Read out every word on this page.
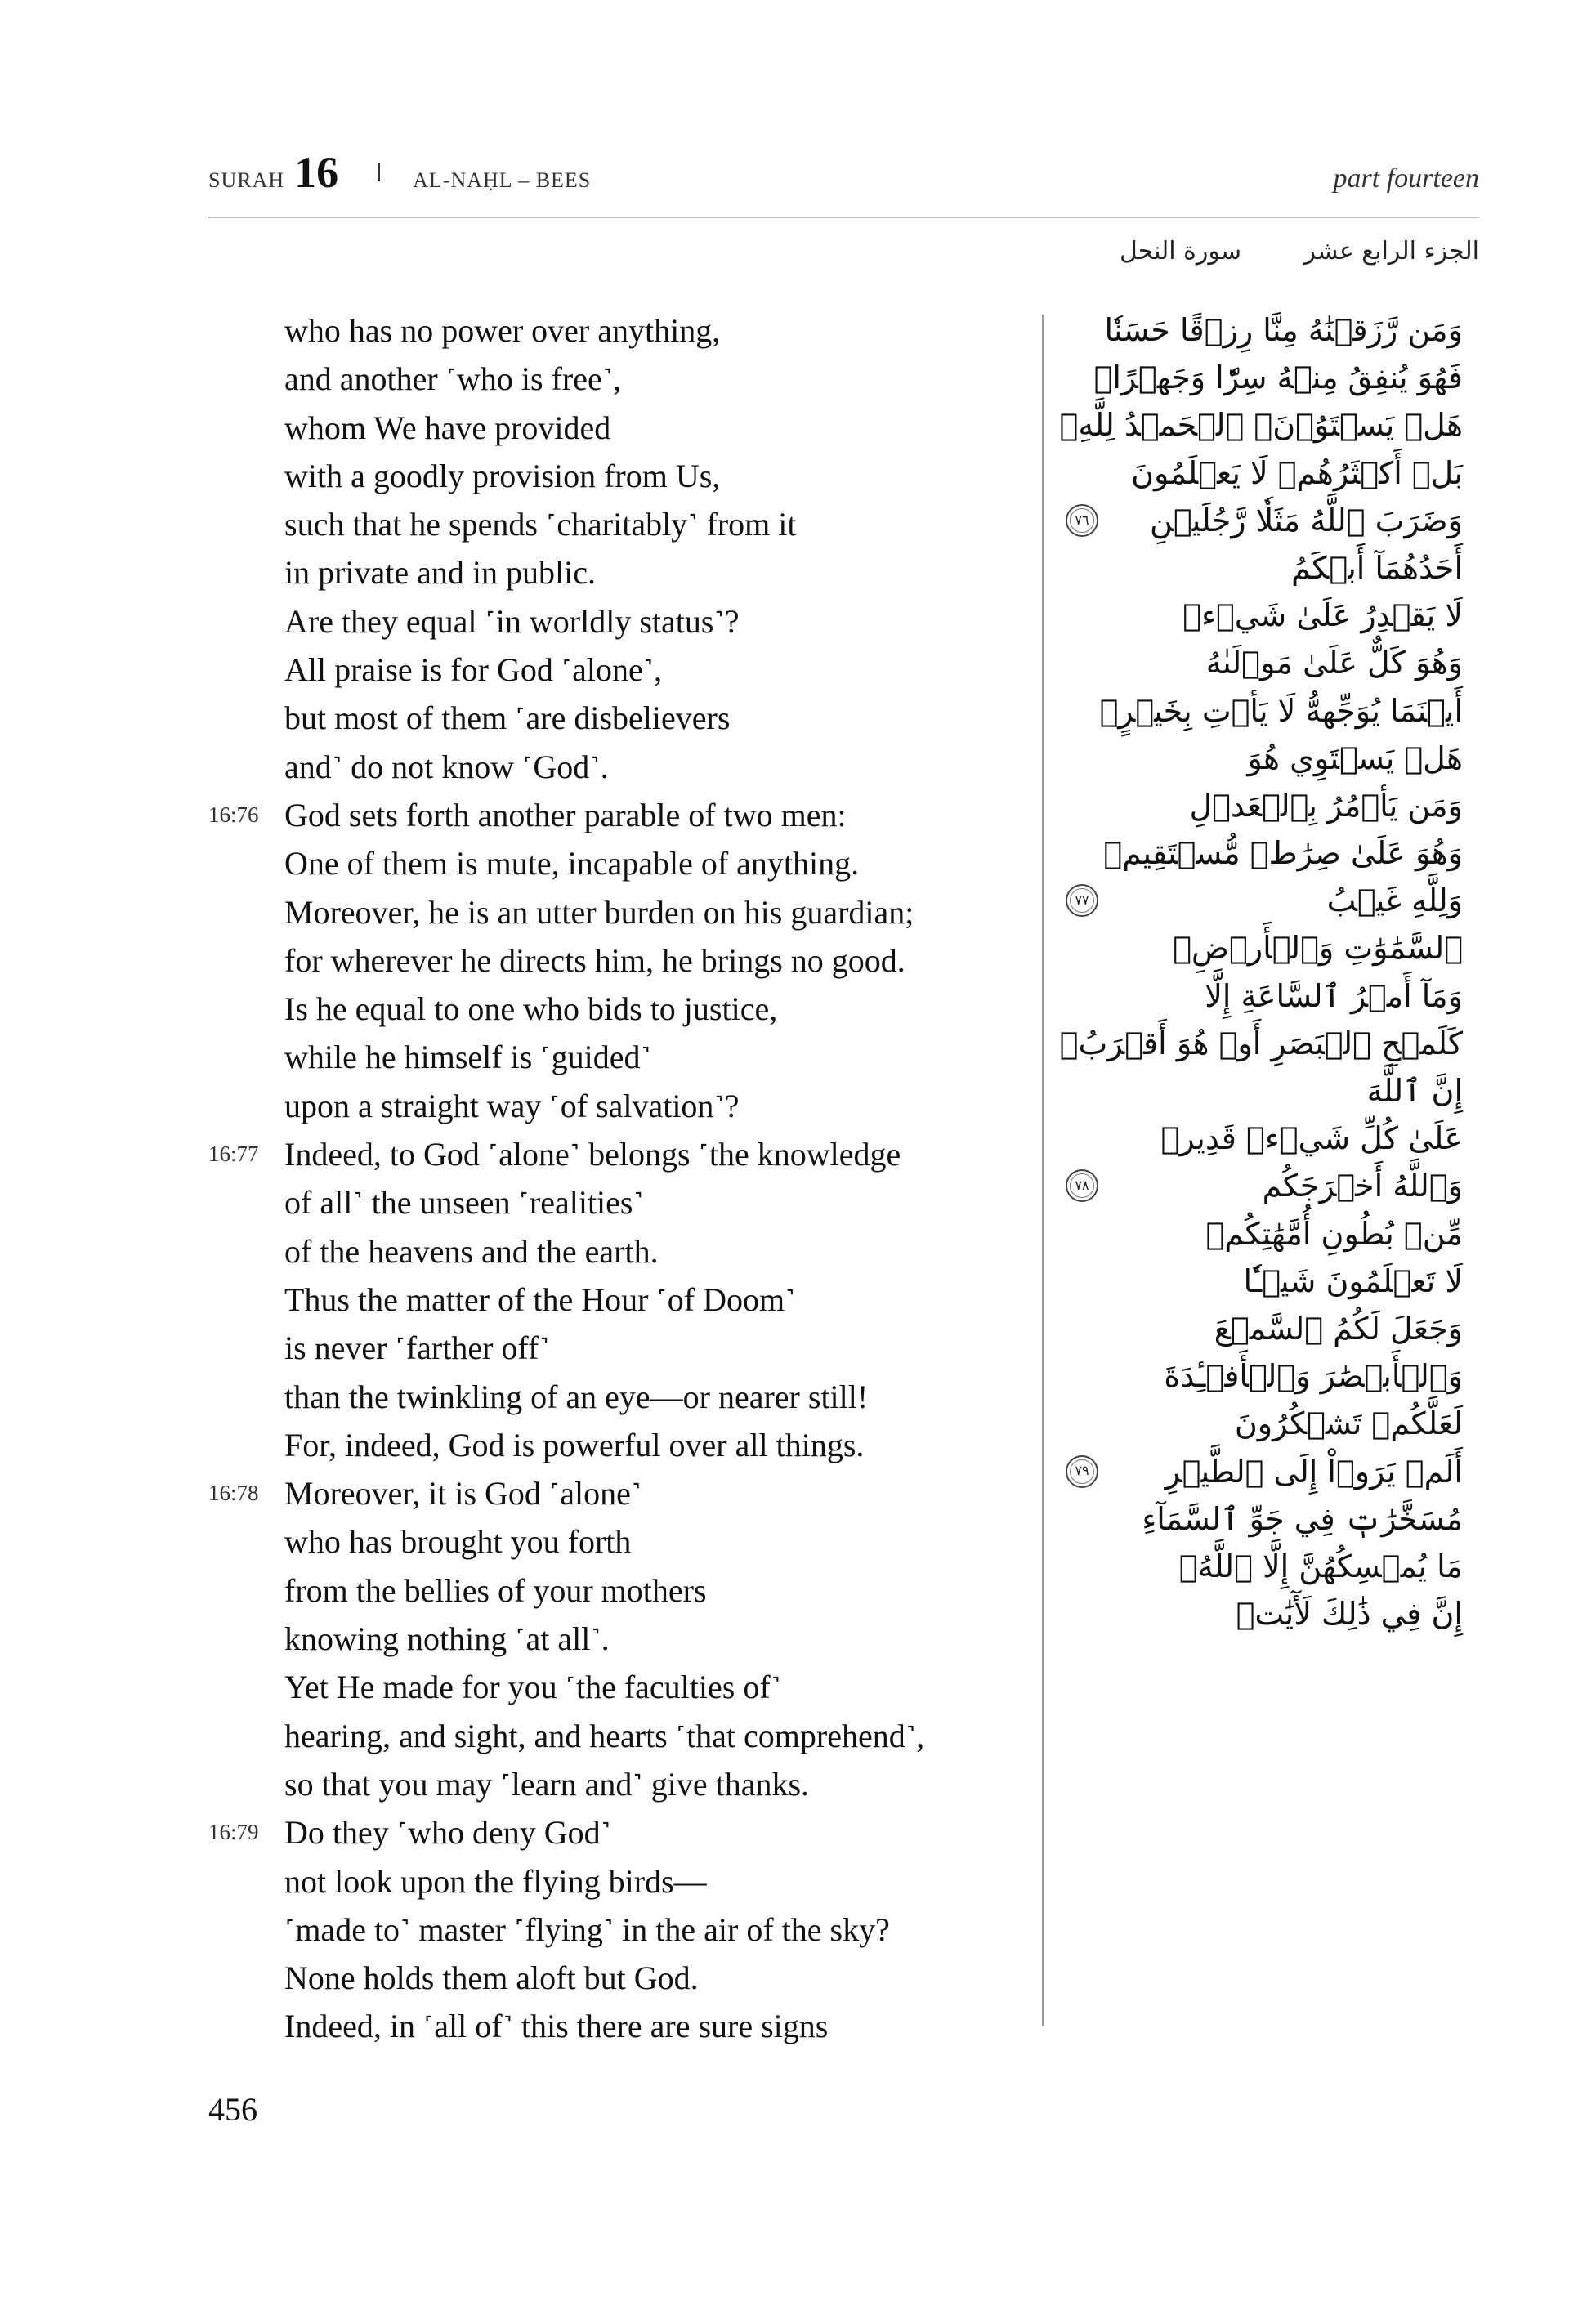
SURAH 16	AL-NAḤL – BEES	part fourteen
الجزء الرابع عشر
سورة النحل
who has no power over anything,
and another ˹who is free˺,
whom We have provided
with a goodly provision from Us,
such that he spends ˹charitably˺ from it
in private and in public.
Are they equal ˹in worldly status˺?
All praise is for God ˹alone˺,
but most of them ˹are disbelievers
and˺ do not know ˹God˺.
16:76 God sets forth another parable of two men:
One of them is mute, incapable of anything.
Moreover, he is an utter burden on his guardian;
for wherever he directs him, he brings no good.
Is he equal to one who bids to justice,
while he himself is ˹guided˺
upon a straight way ˹of salvation˺?
16:77 Indeed, to God ˹alone˺ belongs ˹the knowledge
of all˺ the unseen ˹realities˺
of the heavens and the earth.
Thus the matter of the Hour ˹of Doom˺
is never ˹farther off˺
than the twinkling of an eye—or nearer still!
For, indeed, God is powerful over all things.
16:78 Moreover, it is God ˹alone˺
who has brought you forth
from the bellies of your mothers
knowing nothing ˹at all˺.
Yet He made for you ˹the faculties of˺
hearing, and sight, and hearts ˹that comprehend˺,
so that you may ˹learn and˺ give thanks.
16:79 Do they ˹who deny God˺
not look upon the flying birds—
˹made to˺ master ˹flying˺ in the air of the sky?
None holds them aloft but God.
Indeed, in ˹all of˺ this there are sure signs
وَمَن رَّزَقۡنَٰهُ مِنَّا رِزۡقًا حَسَنٗا
فَهُوَ يُنفِقُ مِنۡهُ سِرّٗا وَجَهۡرًاۖ
هَلۡ يَسۡتَوُۥنَۚ ٱلۡحَمۡدُ لِلَّهِۚ
بَلۡ أَكۡثَرُهُمۡ لَا يَعۡلَمُونَ
٧٦	وَضَرَبَ ٱللَّهُ مَثَلٗا رَّجُلَيۡنِ
أَحَدُهُمَآ أَبۡكَمُ
لَا يَقۡدِرُ عَلَىٰ شَيۡءٖ
وَهُوَ كَلٌّ عَلَىٰ مَوۡلَىٰهُ
أَيۡنَمَا يُوَجِّههُّ لَا يَأۡتِ بِخَيۡرٍۖ
هَلۡ يَسۡتَوِي هُوَ
وَمَن يَأۡمُرُ بِٱلۡعَدۡلِ
وَهُوَ عَلَىٰ صِرَٰطٖ مُّسۡتَقِيمٖ
٧٧	وَلِلَّهِ غَيۡبُ
ٱلسَّمَٰوَٰتِ وَٱلۡأَرۡضِۚ
وَمَآ أَمۡرُ ٱلسَّاعَةِ إِلَّا
كَلَمۡحِ ٱلۡبَصَرِ أَوۡ هُوَ أَقۡرَبُۚ
إِنَّ ٱللَّهَ
عَلَىٰ كُلِّ شَيۡءٖ قَدِيرٞ
٧٨	وَٱللَّهُ أَخۡرَجَكُم
مِّنۢ بُطُونِ أُمَّهَٰتِكُمۡ
لَا تَعۡلَمُونَ شَيۡـٔٗا
وَجَعَلَ لَكُمُ ٱلسَّمۡعَ
وَٱلۡأَبۡصَٰرَ وَٱلۡأَفۡـِٔدَةَ
لَعَلَّكُمۡ تَشۡكُرُونَ
٧٩	أَلَمۡ يَرَوۡاْ إِلَى ٱلطَّيۡرِ
مُسَخَّرَٰتٖ فِي جَوِّ ٱلسَّمَآءِ
مَا يُمۡسِكُهُنَّ إِلَّا ٱللَّهُۚ
إِنَّ فِي ذَٰلِكَ لَأٓيَٰتٖ
456
